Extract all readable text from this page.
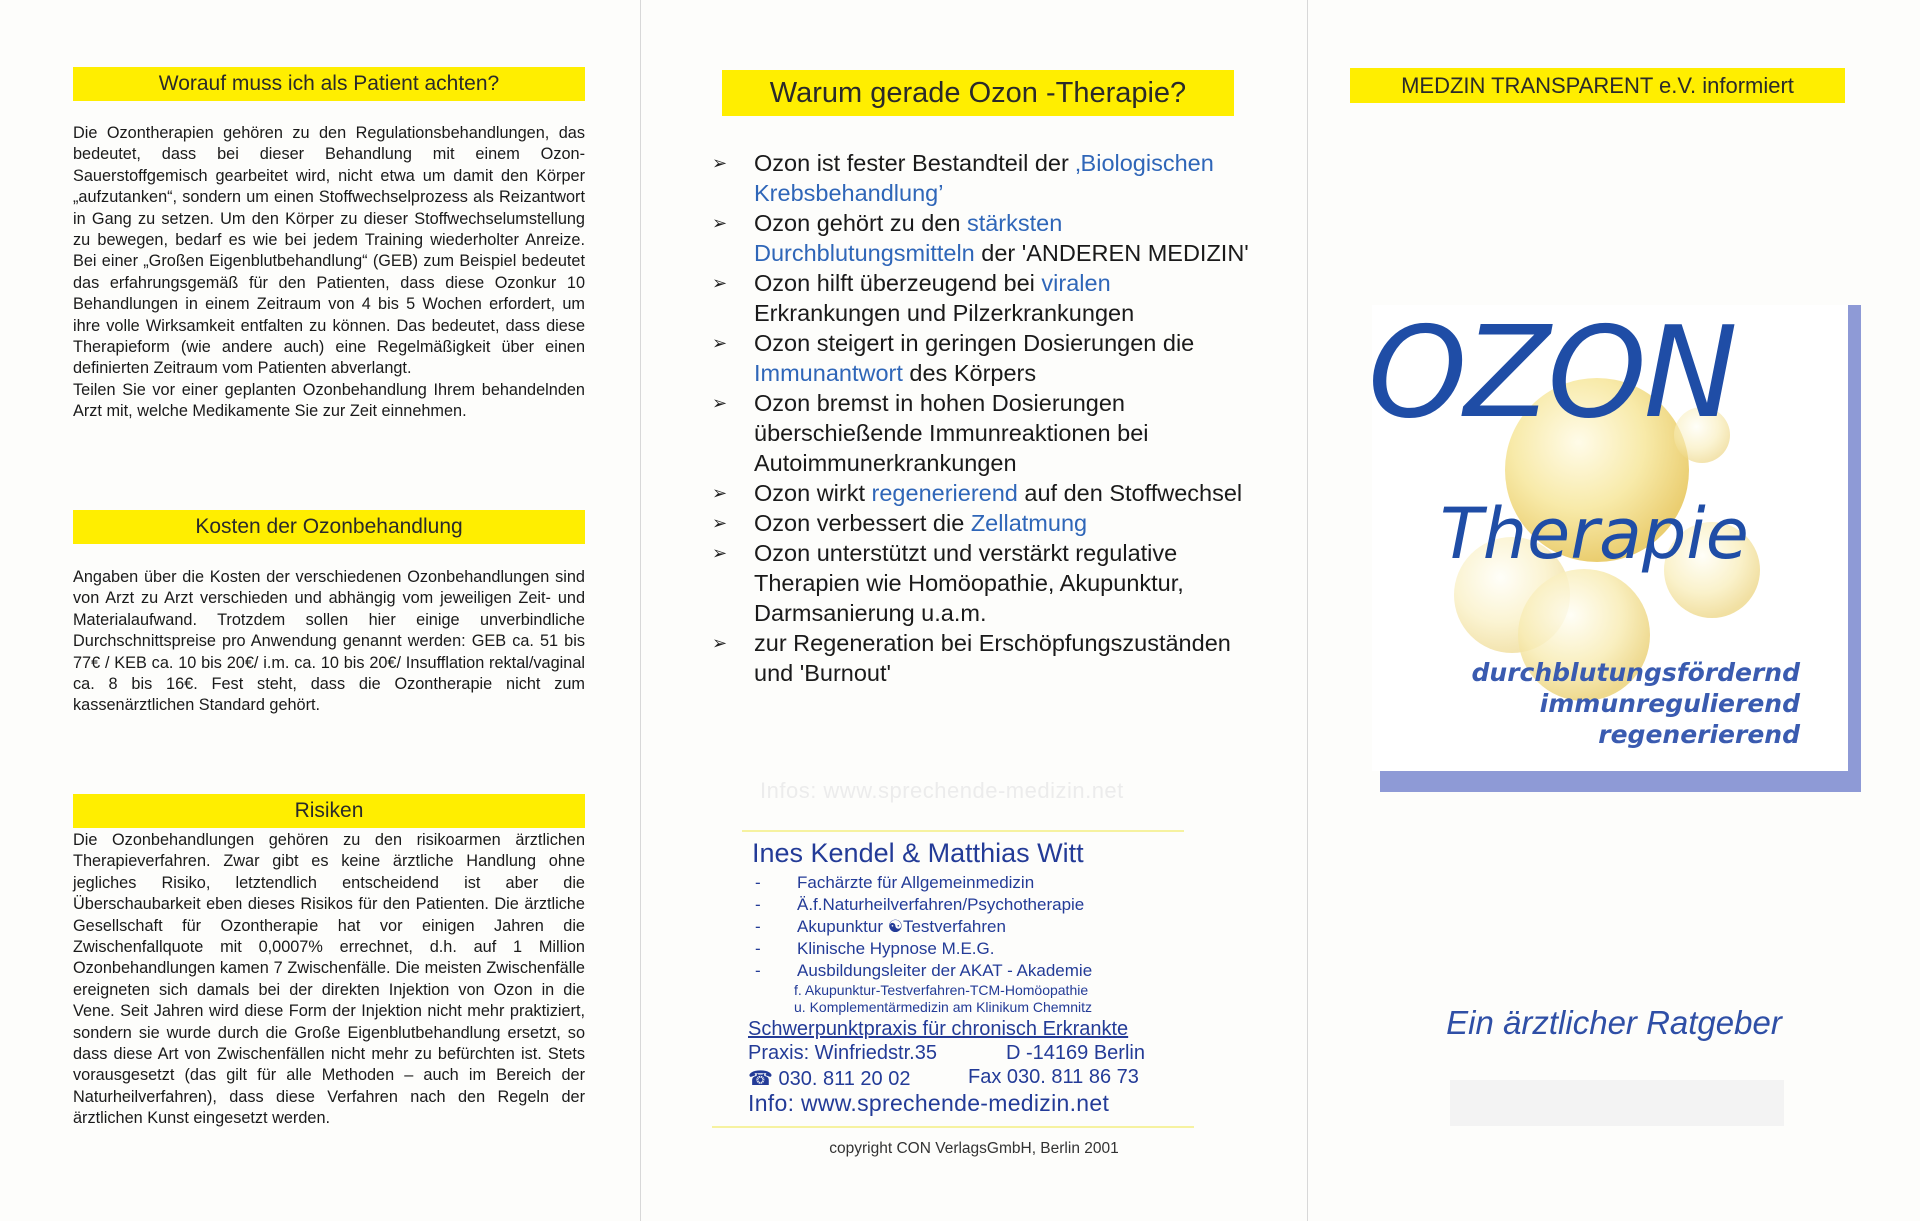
Worauf muss ich als Patient achten?

Die Ozontherapien gehören zu den Regulationsbehandlungen, das bedeutet, dass bei dieser Behandlung mit einem Ozon-Sauerstoffgemisch gearbeitet wird, nicht etwa um damit den Körper „aufzutanken“, sondern um einen Stoffwechselprozess als Reizantwort in Gang zu setzen. Um den Körper zu dieser Stoffwechselumstellung zu bewegen, bedarf es wie bei jedem Training wiederholter Anreize. Bei einer „Großen Eigenblutbehandlung“ (GEB) zum Beispiel bedeutet das erfahrungsgemäß für den Patienten, dass diese Ozonkur 10 Behandlungen in einem Zeitraum von 4 bis 5 Wochen erfordert, um ihre volle Wirksamkeit entfalten zu können. Das bedeutet, dass diese Therapieform (wie andere auch) eine Regelmäßigkeit über einen definierten Zeitraum vom Patienten abverlangt.

Teilen Sie vor einer geplanten Ozonbehandlung Ihrem behandelnden Arzt mit, welche Medikamente Sie zur Zeit einnehmen.

Kosten der Ozonbehandlung

Angaben über die Kosten der verschiedenen Ozonbehandlungen sind von Arzt zu Arzt verschieden und abhängig vom jeweiligen Zeit- und Materialaufwand. Trotzdem sollen hier einige unverbindliche Durchschnittspreise pro Anwendung genannt werden: GEB ca. 51 bis 77€ / KEB ca. 10 bis 20€/ i.m. ca. 10 bis 20€/ Insufflation rektal/vaginal ca. 8 bis 16€. Fest steht, dass die Ozontherapie nicht zum kassenärztlichen Standard gehört.

Risiken

Die Ozonbehandlungen gehören zu den risikoarmen ärztlichen Therapieverfahren. Zwar gibt es keine ärztliche Handlung ohne jegliches Risiko, letztendlich entscheidend ist aber die Überschaubarkeit eben dieses Risikos für den Patienten. Die ärztliche Gesellschaft für Ozontherapie hat vor einigen Jahren die Zwischenfallquote mit 0,0007% errechnet, d.h. auf 1 Million Ozonbehandlungen kamen 7 Zwischenfälle. Die meisten Zwischenfälle ereigneten sich damals bei der direkten Injektion von Ozon in die Vene. Seit Jahren wird diese Form der Injektion nicht mehr praktiziert, sondern sie wurde durch die Große Eigenblutbehandlung ersetzt, so dass diese Art von Zwischenfällen nicht mehr zu befürchten ist. Stets vorausgesetzt (das gilt für alle Methoden – auch im Bereich der Naturheilverfahren), dass diese Verfahren nach den Regeln der ärztlichen Kunst eingesetzt werden.

Warum gerade Ozon -Therapie?
➢	Ozon ist fester Bestandteil der ‚Biologischen Krebsbehandlung’
➢	Ozon gehört zu den stärksten Durchblutungsmitteln der 'ANDEREN MEDIZIN'
➢	Ozon hilft überzeugend bei viralen Erkrankungen und Pilzerkrankungen
➢	Ozon steigert in geringen Dosierungen die Immunantwort des Körpers
➢	Ozon bremst in hohen Dosierungen überschießende Immunreaktionen bei Autoimmunerkrankungen
➢	Ozon wirkt regenerierend auf den Stoffwechsel
➢	Ozon verbessert die Zellatmung
➢	Ozon unterstützt und verstärkt regulative Therapien wie Homöopathie, Akupunktur, Darmsanierung u.a.m.
➢	zur Regeneration bei Erschöpfungszuständen und 'Burnout'
Infos: www.sprechende-medizin.net
Ines Kendel & Matthias Witt
- Fachärzte für Allgemeinmedizin
- Ä.f.Naturheilverfahren/Psychotherapie
- Akupunktur ☯Testverfahren
- Klinische Hypnose M.E.G.
- Ausbildungsleiter der AKAT - Akademie
f. Akupunktur-Testverfahren-TCM-Homöopathie
u. Komplementärmedizin am Klinikum Chemnitz
Schwerpunktpraxis für chronisch Erkrankte
Praxis: Winfriedstr.35	D -14169 Berlin
☎ 030. 811 20 02	Fax 030. 811 86 73
Info: www.sprechende-medizin.net
copyright CON VerlagsGmbH, Berlin 2001
MEDZIN TRANSPARENT e.V. informiert
OZON
Therapie
durchblutungsfördernd
immunregulierend
regenerierend
Ein ärztlicher Ratgeber
